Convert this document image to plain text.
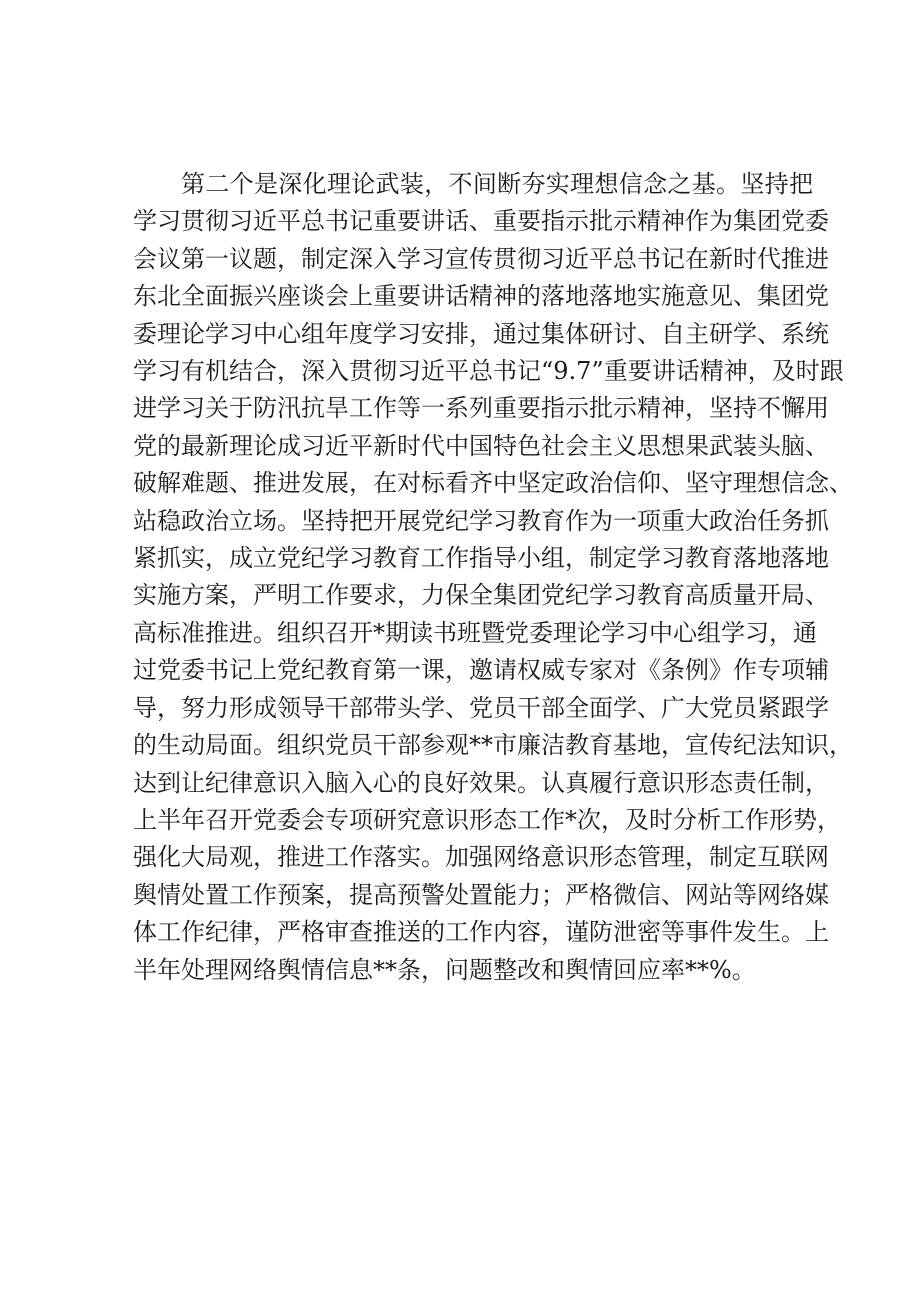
第二个是深化理论武装，不间断夯实理想信念之基。坚持把
学习贯彻习近平总书记重要讲话、重要指示批示精神作为集团党委
会议第一议题，制定深入学习宣传贯彻习近平总书记在新时代推进
东北全面振兴座谈会上重要讲话精神的落地落地实施意见、集团党
委理论学习中心组年度学习安排，通过集体研讨、自主研学、系统
学习有机结合，深入贯彻习近平总书记“9.7”重要讲话精神，及时跟
进学习关于防汛抗旱工作等一系列重要指示批示精神，坚持不懈用
党的最新理论成习近平新时代中国特色社会主义思想果武装头脑、
破解难题、推进发展，在对标看齐中坚定政治信仰、坚守理想信念、
站稳政治立场。坚持把开展党纪学习教育作为一项重大政治任务抓
紧抓实，成立党纪学习教育工作指导小组，制定学习教育落地落地
实施方案，严明工作要求，力保全集团党纪学习教育高质量开局、
高标准推进。组织召开*期读书班暨党委理论学习中心组学习，通
过党委书记上党纪教育第一课，邀请权威专家对《条例》作专项辅
导，努力形成领导干部带头学、党员干部全面学、广大党员紧跟学
的生动局面。组织党员干部参观**市廉洁教育基地，宣传纪法知识，
达到让纪律意识入脑入心的良好效果。认真履行意识形态责任制，
上半年召开党委会专项研究意识形态工作*次，及时分析工作形势，
强化大局观，推进工作落实。加强网络意识形态管理，制定互联网
舆情处置工作预案，提高预警处置能力；严格微信、网站等网络媒
体工作纪律，严格审查推送的工作内容，谨防泄密等事件发生。上
半年处理网络舆情信息**条，问题整改和舆情回应率**%。
